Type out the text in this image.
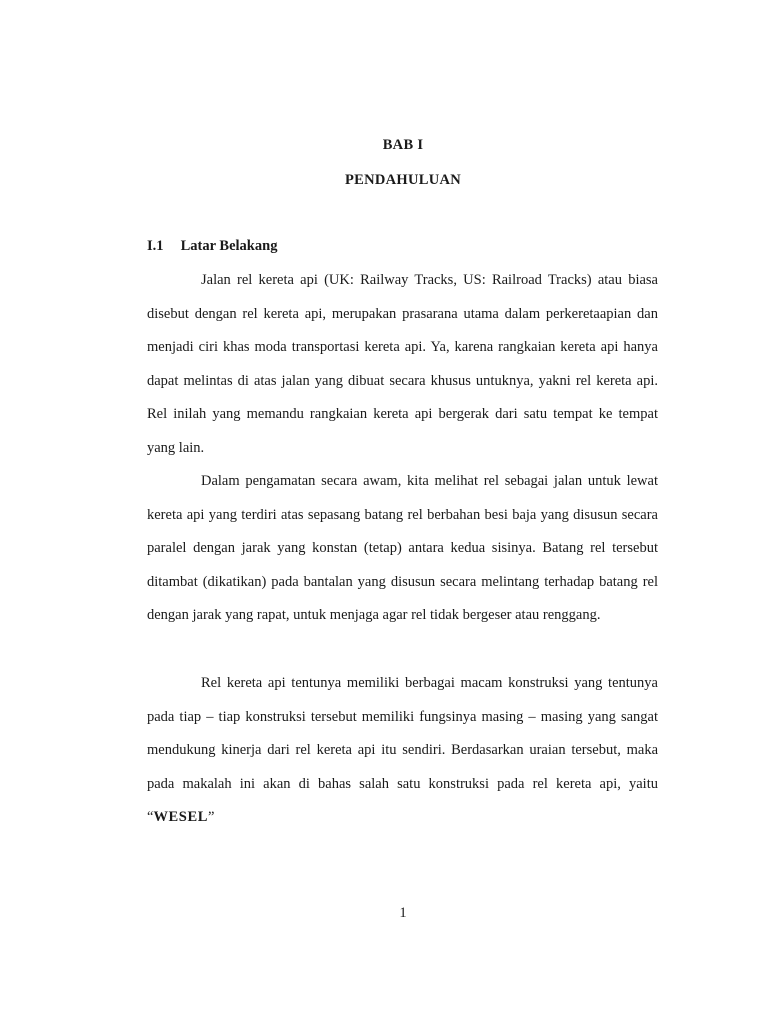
BAB I
PENDAHULUAN
I.1 Latar Belakang

Jalan rel kereta api (UK: Railway Tracks, US: Railroad Tracks) atau biasa disebut dengan rel kereta api, merupakan prasarana utama dalam perkeretaapian dan menjadi ciri khas moda transportasi kereta api. Ya, karena rangkaian kereta api hanya dapat melintas di atas jalan yang dibuat secara khusus untuknya, yakni rel kereta api. Rel inilah yang memandu rangkaian kereta api bergerak dari satu tempat ke tempat yang lain.

Dalam pengamatan secara awam, kita melihat rel sebagai jalan untuk lewat kereta api yang terdiri atas sepasang batang rel berbahan besi baja yang disusun secara paralel dengan jarak yang konstan (tetap) antara kedua sisinya. Batang rel tersebut ditambat (dikatikan) pada bantalan yang disusun secara melintang terhadap batang rel dengan jarak yang rapat, untuk menjaga agar rel tidak bergeser atau renggang.

Rel kereta api tentunya memiliki berbagai macam konstruksi yang tentunya pada tiap – tiap konstruksi tersebut memiliki fungsinya masing – masing yang sangat mendukung kinerja dari rel kereta api itu sendiri. Berdasarkan uraian tersebut, maka pada makalah ini akan di bahas salah satu konstruksi pada rel kereta api, yaitu “WESEL”

1
